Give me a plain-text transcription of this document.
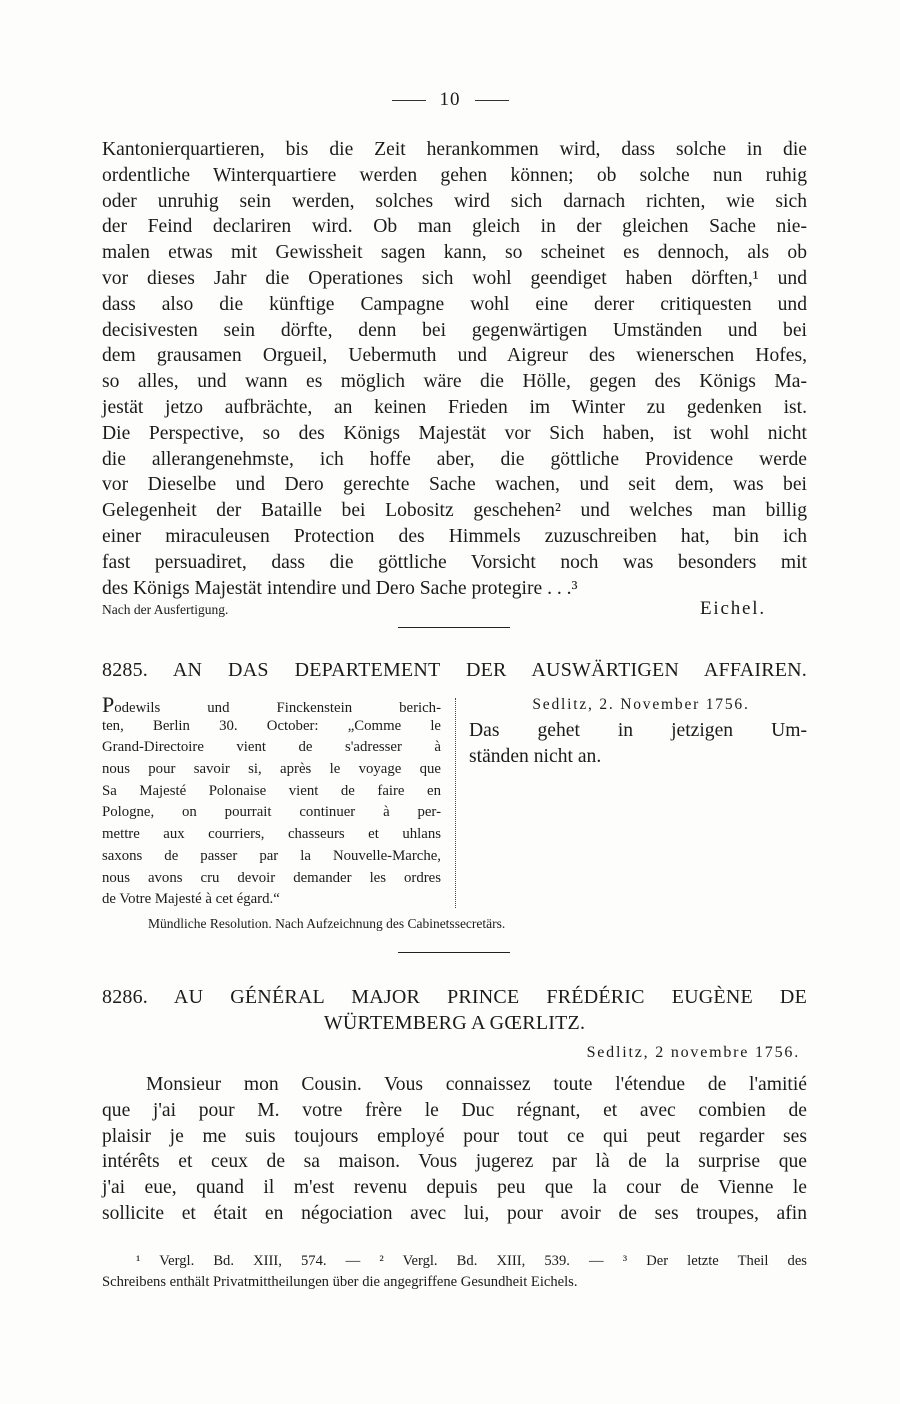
10
Kantonierquartieren, bis die Zeit herankommen wird, dass solche in die
ordentliche Winterquartiere werden gehen können; ob solche nun ruhig
oder unruhig sein werden, solches wird sich darnach richten, wie sich
der Feind declariren wird. Ob man gleich in der gleichen Sache nie-
malen etwas mit Gewissheit sagen kann, so scheinet es dennoch, als ob
vor dieses Jahr die Operationes sich wohl geendiget haben dörften,¹ und
dass also die künftige Campagne wohl eine derer critiquesten und
decisivesten sein dörfte, denn bei gegenwärtigen Umständen und bei
dem grausamen Orgueil, Uebermuth und Aigreur des wienerschen Hofes,
so alles, und wann es möglich wäre die Hölle, gegen des Königs Ma-
jestät jetzo aufbrächte, an keinen Frieden im Winter zu gedenken ist.
Die Perspective, so des Königs Majestät vor Sich haben, ist wohl nicht
die allerangenehmste, ich hoffe aber, die göttliche Providence werde
vor Dieselbe und Dero gerechte Sache wachen, und seit dem, was bei
Gelegenheit der Bataille bei Lobositz geschehen² und welches man billig
einer miraculeusen Protection des Himmels zuzuschreiben hat, bin ich
fast persuadiret, dass die göttliche Vorsicht noch was besonders mit
des Königs Majestät intendire und Dero Sache protegire . . .³
Nach der Ausfertigung.	Eichel.
8285. AN DAS DEPARTEMENT DER AUSWÄRTIGEN AFFAIREN.
Podewils und Finckenstein berich-
ten, Berlin 30. October: „Comme le
Grand-Directoire vient de s'adresser à
nous pour savoir si, après le voyage que
Sa Majesté Polonaise vient de faire en
Pologne, on pourrait continuer à per-
mettre aux courriers, chasseurs et uhlans
saxons de passer par la Nouvelle-Marche,
nous avons cru devoir demander les ordres
de Votre Majesté à cet égard.“
Sedlitz, 2. November 1756.
Das gehet in jetzigen Um-
ständen nicht an.
Mündliche Resolution. Nach Aufzeichnung des Cabinetssecretärs.
8286. AU GÉNÉRAL MAJOR PRINCE FRÉDÉRIC EUGÈNE DE
WÜRTEMBERG A GŒRLITZ.
Sedlitz, 2 novembre 1756.
Monsieur mon Cousin. Vous connaissez toute l'étendue de l'amitié
que j'ai pour M. votre frère le Duc régnant, et avec combien de
plaisir je me suis toujours employé pour tout ce qui peut regarder ses
intérêts et ceux de sa maison. Vous jugerez par là de la surprise que
j'ai eue, quand il m'est revenu depuis peu que la cour de Vienne le
sollicite et était en négociation avec lui, pour avoir de ses troupes, afin
¹ Vergl. Bd. XIII, 574. — ² Vergl. Bd. XIII, 539. — ³ Der letzte Theil des
Schreibens enthält Privatmittheilungen über die angegriffene Gesundheit Eichels.
